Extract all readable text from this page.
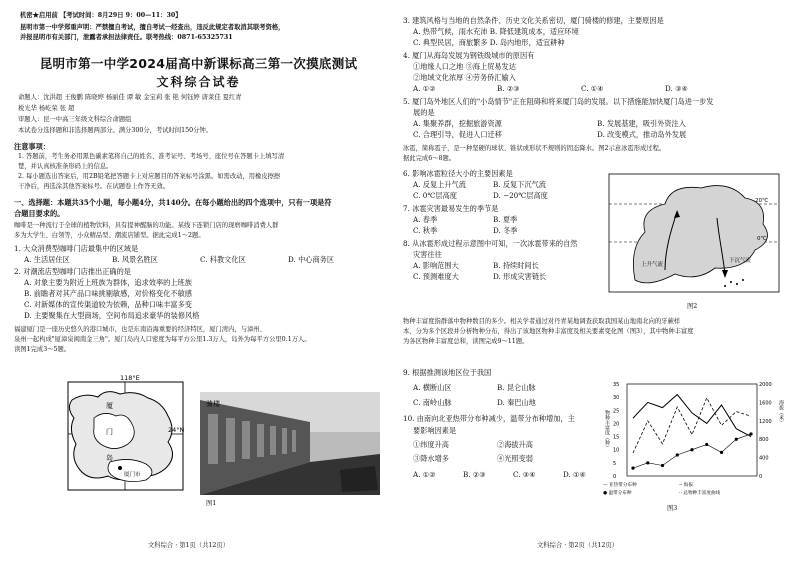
机密★启用前 【考试时间：8月29日 9：00—11：30】
昆明市第一中学郑重声明：严禁擅自考试，擅自考试一经查出，违反此规定者取消其联考资格，
并报昆明市有关部门，泄露者承担法律责任。联考热线：0871-65325731
昆明市第一中学2024届高中新课标高三第一次摸底测试
文科综合试卷
命题人：沈洪超 王俊鹏 陈晓婷 杨丽佳 谭 敏 金宝莉 张 艳 何钰婷 唐莱佳 夏红青
税光华 杨屹荣 张 超
审题人：昆一中高三年级文科综合命题组
本试卷分选择题和非选择题两部分。满分300分，考试时间150分钟。
注意事项：
1. 答题前，考生务必用黑色碳素笔将自己的姓名、准考证号、考场号、座位号在答题卡上填写清
楚，并认真核准条形码上的信息。
2. 每小题选出答案后，用2B铅笔把答题卡上对应题目的答案标号涂黑。如需改动，用橡皮擦擦
干净后，再选涂其他答案标号。在试题卷上作答无效。
一、选择题：本题共35个小题，每小题4分，共140分。在每小题给出的四个选项中，只有一项是符
合题目要求的。
咖啡是一种流行于全球的植物饮料，具有提神醒脑的功能。某线下连锁门店的现磨咖啡消费人群
多为大学生、白领等，小众精品型、潮流店铺型。据此完成1～2题。
1. 大众消费型咖啡门店最集中的区域是
A. 生活居住区	B. 风景名胜区	C. 科教文化区	D. 中心商务区
2. 对潮流店型咖啡门店推出正确的是
A. 对象主要为附近上班族为群体，追求效率的上班族
B. 前瞻者对其产品口味挑剔敏感，对价格变化不敏感
C. 对新媒体的宣传渠道较为依赖，品种口味丰富多变
D. 主要聚集在大型商场，空间布局追求豪华的装修风格
福建厦门是一座历史悠久的港口城市，也是东南沿海重要的经济特区，厦门湾内，与漳州、
泉州一起构成"厦漳泉闽南金三角"。厦门岛内人口密度为每平方公里1.3万人，岛外为每平方公里0.1万人。
读图1完成3～5题。
118°E
24°N
厦
门
岛
厦门市
骑楼
图1
文科综合 · 第1页（共12页）
3. 建筑风格与当地的自然条件、历史文化关系密切，厦门骑楼的修建，主要原因是
A. 热带气候，雨水充沛 B. 降低建筑成本，适应环境
C. 典型民居，商旅繁多 D. 岛内地形，适宜耕种
4. 厦门从海岛发展为钢铁级城市的原因有
①地缘人口之地 ③海上贸易发达
②地域文化浓厚 ④劳务侨汇输入
A. ①②	B. ②③	C. ①④	D. ③④
5. 厦门岛外地区人们的"小岛情节"正在阻碍和将来厦门岛的发展。以下措施能加快厦门岛进一步发
展的是
A. 集聚养群，挖掘旅游资源	B. 发展基建，吸引外资注入
C. 合理引导，促进人口迁移	D. 改变模式，推动岛外发展
冰雹，简称雹子，是一种坚硬的球状、锥状或形状不规则的固态降水。图2示意冰雹形成过程。
据此完成6～8题。
6. 影响冰雹粒径大小的主要因素是
A. 反复上升气流	B. 反复下沉气流
C. 0℃层高度	D. −20℃层高度
7. 冰雹灾害最易发生的季节是
A. 春季	B. 夏季
C. 秋季	D. 冬季
8. 从冰雹形成过程示意图中可知，一次冰雹带来的自然
灾害往往
A. 影响范围大	B. 持续时间长
C. 预测难度大	D. 形成灾害链长
-20℃
0℃
上升气流
下沉气流
图2
物种丰富度指群落中物种数目的多少。相关学者通过对丹青某地调查获取我国某山地南北向的牙蕨样
本，分为多个区段并分析物种分布，得出了该地区物种丰富度及相关要素变化图（图3），其中物种丰富度
为各区物种丰富度总和，读图完成9～11题。
9. 根据推测该地区位于我国
A. 横断山区	B. 昆仑山脉
C. 南岭山脉	D. 秦巴山地
10. 由南向北亚热带分布种减少，温带分布种增加，主
要影响因素是
①纬度升高	②海拔升高
③降水增多	④光照变弱
A. ①②	B. ②③	C. ③④	D. ①④	0
5
10
15
20
25
30
35
0
400
800
1200
1600
2000
物种丰富度（种）	海拔（米）
— 亚热带分布种	-- 海拔
● 温带分布种	·· 总物种丰富度曲线
图3
文科综合 · 第2页（共12页）
